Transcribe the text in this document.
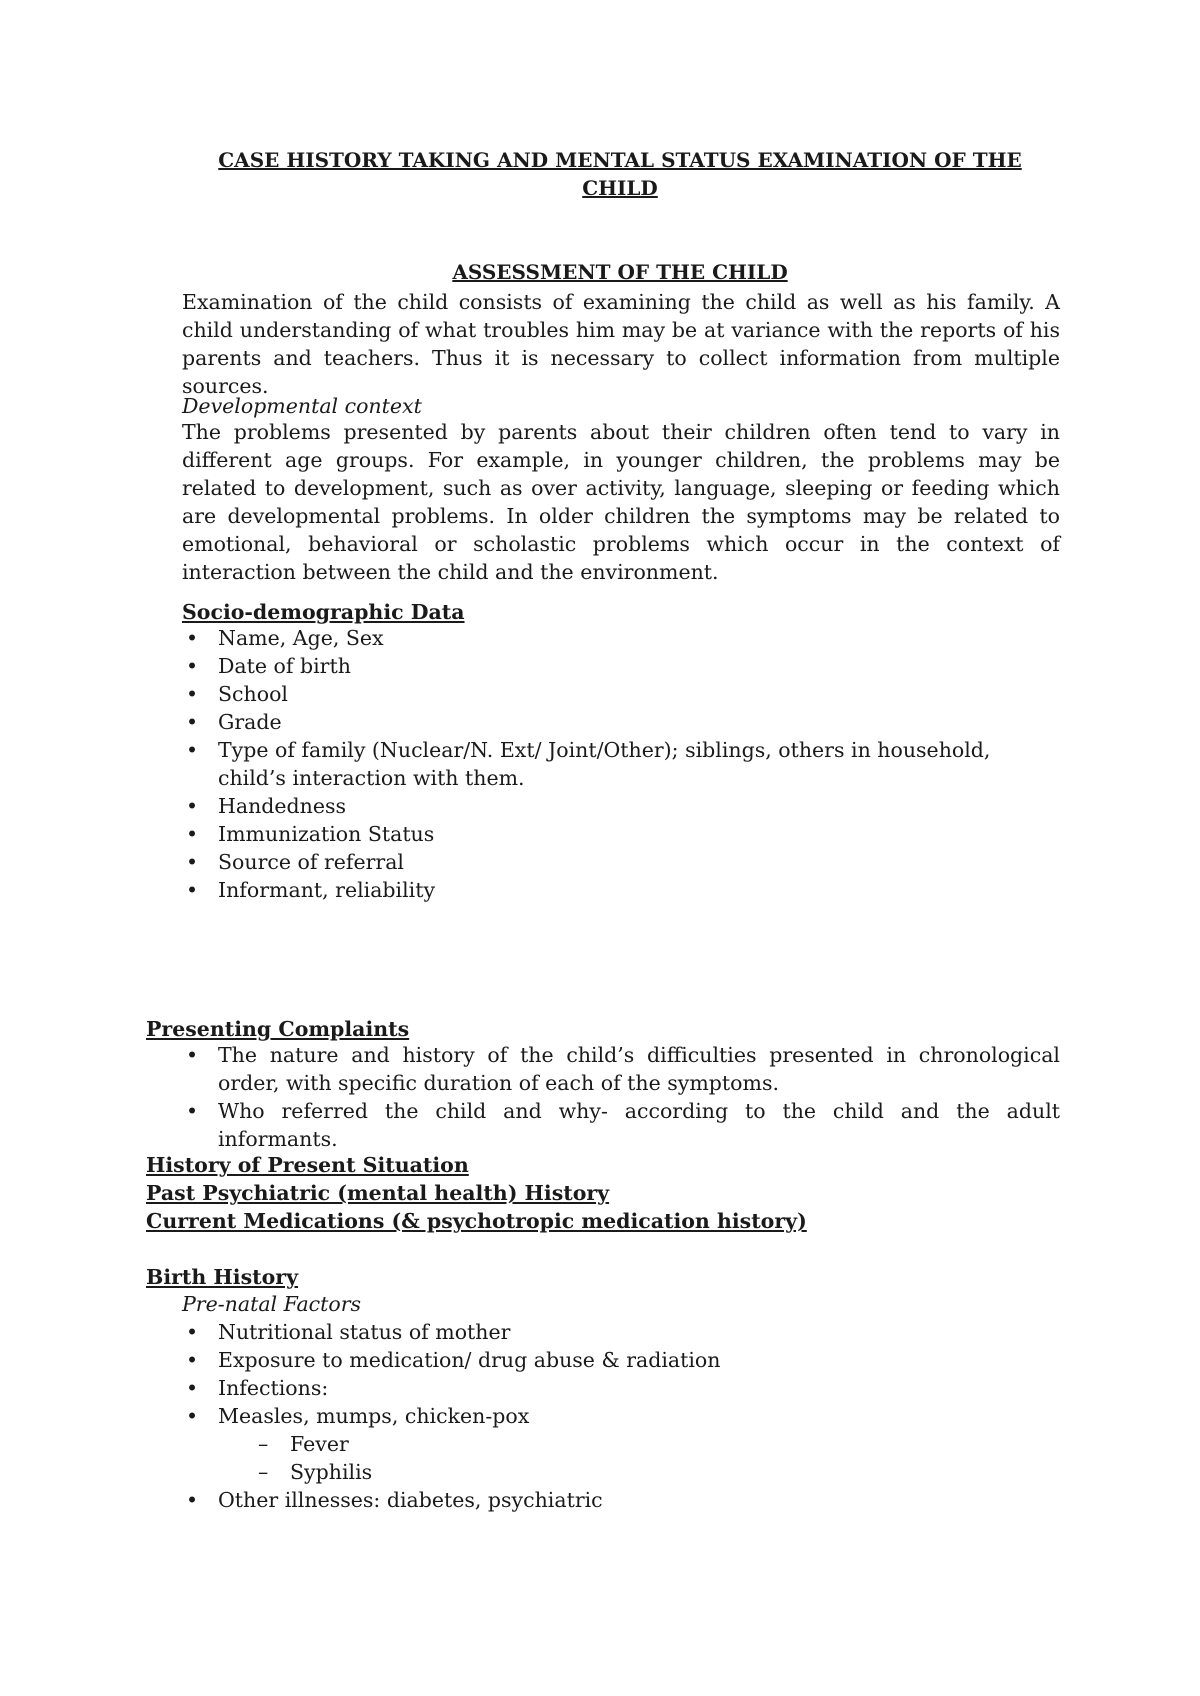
CASE HISTORY TAKING AND MENTAL STATUS EXAMINATION OF THE CHILD
ASSESSMENT OF THE CHILD
Examination of the child consists of examining the child as well as his family. A child understanding of what troubles him may be at variance with the reports of his parents and teachers. Thus it is necessary to collect information from multiple sources.
Developmental context
The problems presented by parents about their children often tend to vary in different age groups. For example, in younger children, the problems may be related to development, such as over activity, language, sleeping or feeding which are developmental problems. In older children the symptoms may be related to emotional, behavioral or scholastic problems which occur in the context of interaction between the child and the environment.
Socio-demographic Data
• Name, Age, Sex
• Date of birth
• School
• Grade
• Type of family (Nuclear/N. Ext/ Joint/Other); siblings, others in household, child’s interaction with them.
• Handedness
• Immunization Status
• Source of referral
• Informant, reliability
Presenting Complaints
• The nature and history of the child’s difficulties presented in chronological order, with specific duration of each of the symptoms.
• Who referred the child and why- according to the child and the adult informants.
History of Present Situation
Past Psychiatric (mental health) History
Current Medications (& psychotropic medication history)
Birth History
Pre-natal Factors
• Nutritional status of mother
• Exposure to medication/ drug abuse & radiation
• Infections:
• Measles, mumps, chicken-pox
– Fever
– Syphilis
• Other illnesses: diabetes, psychiatric
